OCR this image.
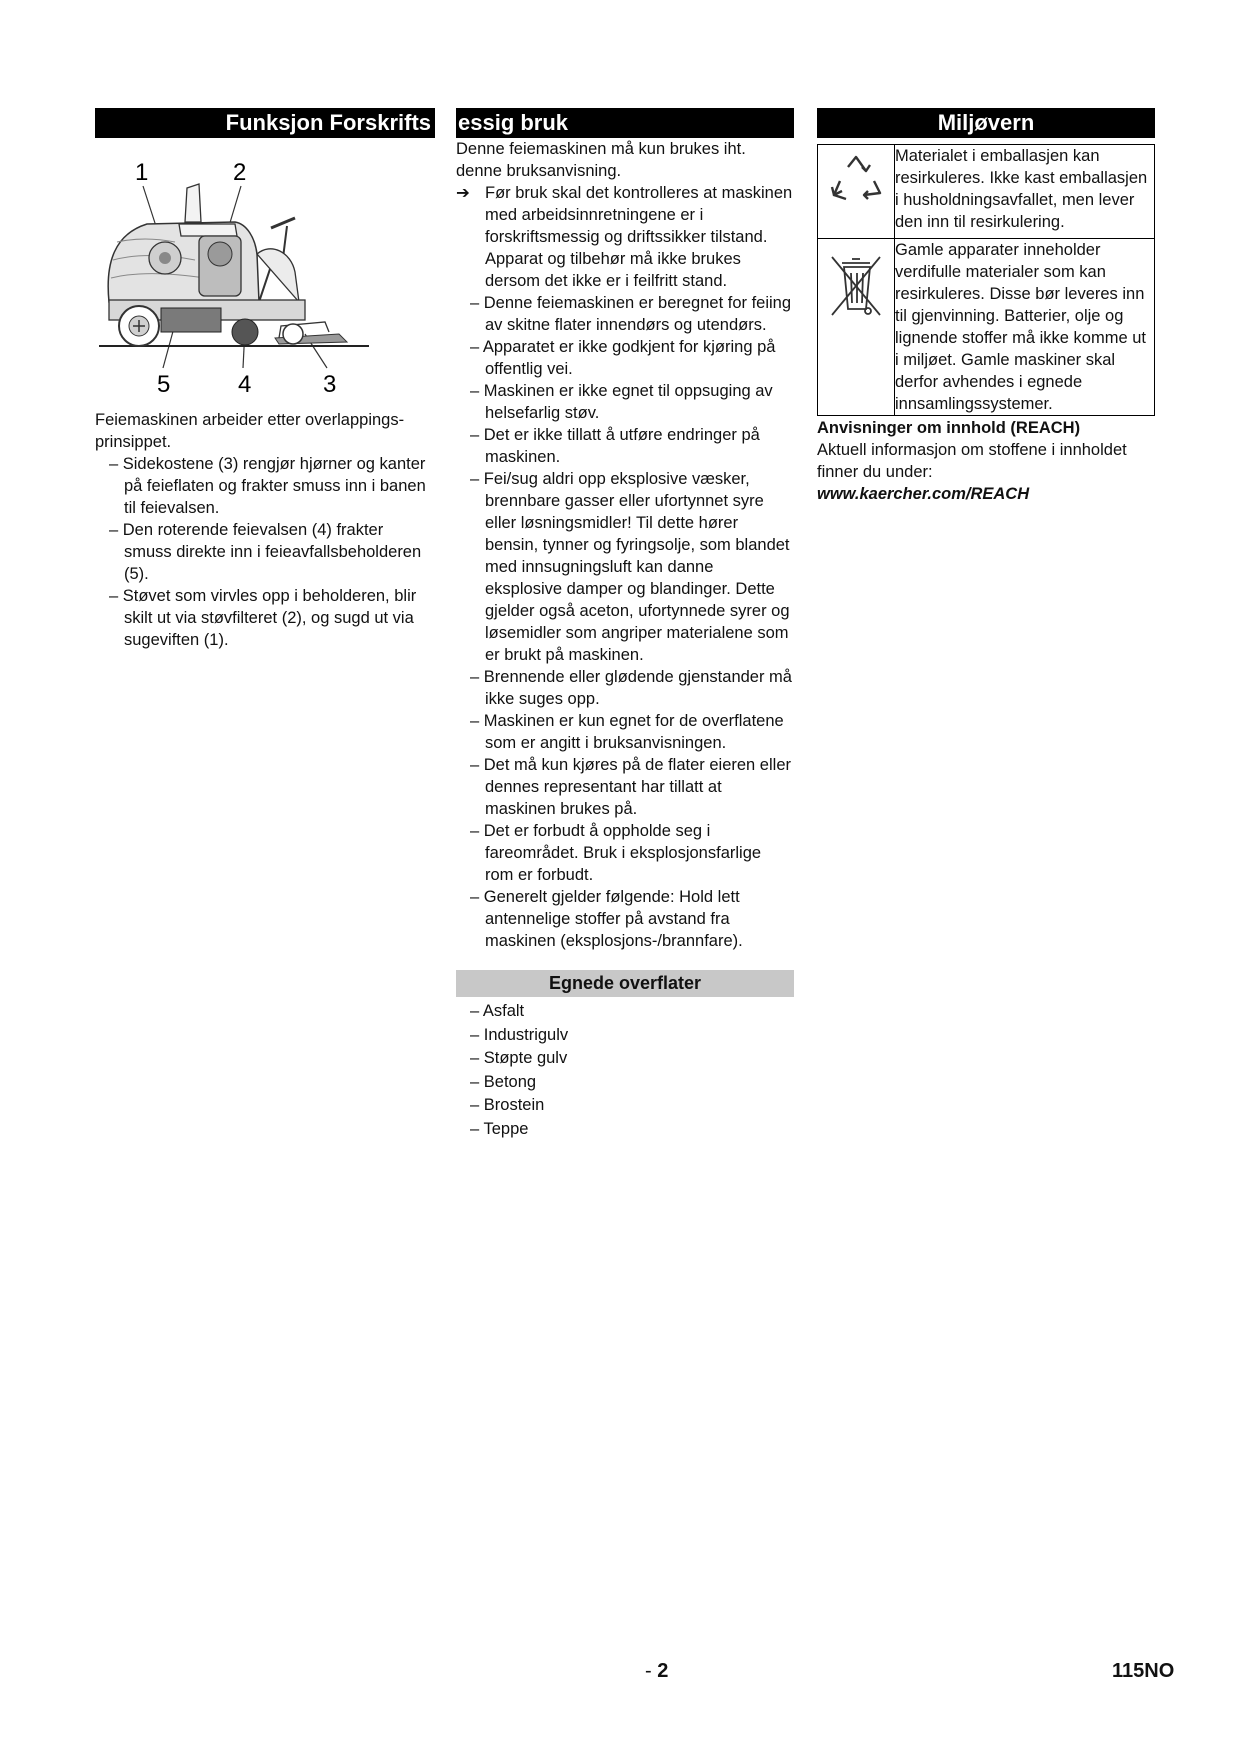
Funksjon Forskrifts
1	2
5	4	3

Feiemaskinen arbeider etter overlappings-prinsippet.

– Sidekostene (3) rengjør hjørner og kanter på feieflaten og frakter smuss inn i banen til feievalsen.
– Den roterende feievalsen (4) frakter smuss direkte inn i feieavfallsbeholderen (5).
– Støvet som virvles opp i beholderen, blir skilt ut via støvfilteret (2), og sugd ut via sugeviften (1).
essig bruk

Denne feiemaskinen må kun brukes iht. denne bruksanvisning.

➔ Før bruk skal det kontrolleres at maskinen med arbeidsinnretningene er i forskriftsmessig og driftssikker tilstand.
Apparat og tilbehør må ikke brukes dersom det ikke er i feilfritt stand.
– Denne feiemaskinen er beregnet for feiing av skitne flater innendørs og utendørs.
– Apparatet er ikke godkjent for kjøring på offentlig vei.
– Maskinen er ikke egnet til oppsuging av helsefarlig støv.
– Det er ikke tillatt å utføre endringer på maskinen.
– Fei/sug aldri opp eksplosive væsker, brennbare gasser eller ufortynnet syre eller løsningsmidler! Til dette hører bensin, tynner og fyringsolje, som blandet med innsugningsluft kan danne eksplosive damper og blandinger. Dette gjelder også aceton, ufortynnede syrer og løsemidler som angriper materialene som er brukt på maskinen.
– Brennende eller glødende gjenstander må ikke suges opp.
– Maskinen er kun egnet for de overflatene som er angitt i bruksanvisningen.
– Det må kun kjøres på de flater eieren eller dennes representant har tillatt at maskinen brukes på.
– Det er forbudt å oppholde seg i fareområdet. Bruk i eksplosjonsfarlige rom er forbudt.
– Generelt gjelder følgende: Hold lett antennelige stoffer på avstand fra maskinen (eksplosjons-/brannfare).
Egnede overflater
– Asfalt
– Industrigulv
– Støpte gulv
– Betong
– Brostein
– Teppe
Miljøvern
	Materialet i emballasjen kan resirkuleres. Ikke kast emballasjen i husholdningsavfallet, men lever den inn til resirkulering.
	Gamle apparater inneholder verdifulle materialer som kan resirkuleres. Disse bør leveres inn til gjenvinning. Batterier, olje og lignende stoffer må ikke komme ut i miljøet. Gamle maskiner skal derfor avhendes i egnede innsamlingssystemer.
Anvisninger om innhold (REACH)

Aktuell informasjon om stoffene i innholdet finner du under:

www.kaercher.com/REACH
- 2	115NO
